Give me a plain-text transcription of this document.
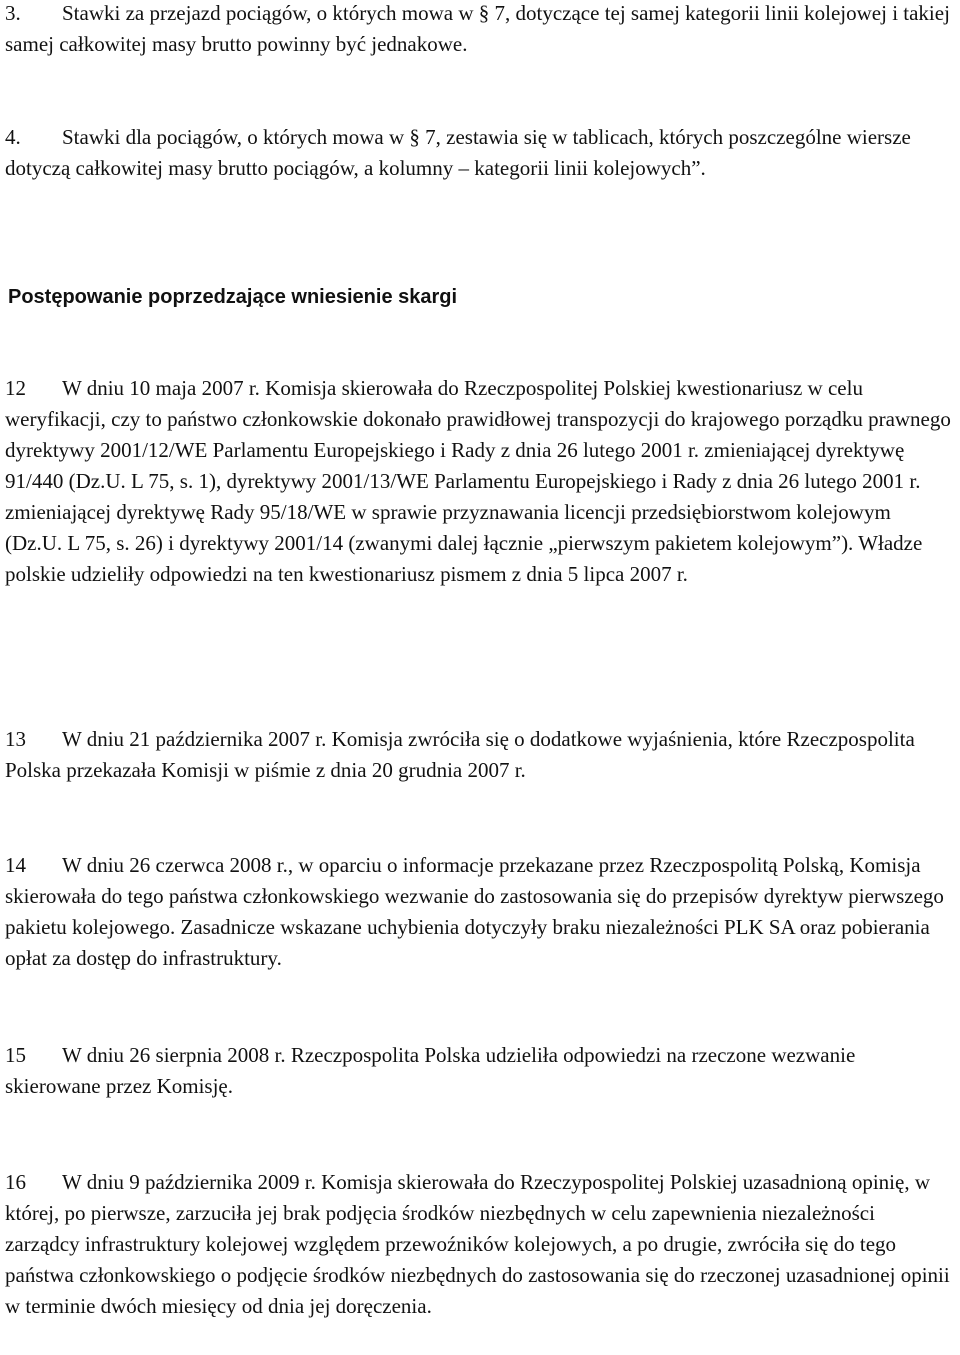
3. Stawki za przejazd pociągów, o których mowa w § 7, dotyczące tej samej kategorii linii kolejowej i takiej samej całkowitej masy brutto powinny być jednakowe.

4. Stawki dla pociągów, o których mowa w § 7, zestawia się w tablicach, których poszczególne wiersze dotyczą całkowitej masy brutto pociągów, a kolumny – kategorii linii kolejowych”.

Postępowanie poprzedzające wniesienie skargi

12 W dniu 10 maja 2007 r. Komisja skierowała do Rzeczpospolitej Polskiej kwestionariusz w celu weryfikacji, czy to państwo członkowskie dokonało prawidłowej transpozycji do krajowego porządku prawnego dyrektywy 2001/12/WE Parlamentu Europejskiego i Rady z dnia 26 lutego 2001 r. zmieniającej dyrektywę 91/440 (Dz.U. L 75, s. 1), dyrektywy 2001/13/WE Parlamentu Europejskiego i Rady z dnia 26 lutego 2001 r. zmieniającej dyrektywę Rady 95/18/WE w sprawie przyznawania licencji przedsiębiorstwom kolejowym (Dz.U. L 75, s. 26) i dyrektywy 2001/14 (zwanymi dalej łącznie „pierwszym pakietem kolejowym”). Władze polskie udzieliły odpowiedzi na ten kwestionariusz pismem z dnia 5 lipca 2007 r.

13 W dniu 21 października 2007 r. Komisja zwróciła się o dodatkowe wyjaśnienia, które Rzeczpospolita Polska przekazała Komisji w piśmie z dnia 20 grudnia 2007 r.

14 W dniu 26 czerwca 2008 r., w oparciu o informacje przekazane przez Rzeczpospolitą Polską, Komisja skierowała do tego państwa członkowskiego wezwanie do zastosowania się do przepisów dyrektyw pierwszego pakietu kolejowego. Zasadnicze wskazane uchybienia dotyczyły braku niezależności PLK SA oraz pobierania opłat za dostęp do infrastruktury.

15 W dniu 26 sierpnia 2008 r. Rzeczpospolita Polska udzieliła odpowiedzi na rzeczone wezwanie skierowane przez Komisję.

16 W dniu 9 października 2009 r. Komisja skierowała do Rzeczypospolitej Polskiej uzasadnioną opinię, w której, po pierwsze, zarzuciła jej brak podjęcia środków niezbędnych w celu zapewnienia niezależności zarządcy infrastruktury kolejowej względem przewoźników kolejowych, a po drugie, zwróciła się do tego państwa członkowskiego o podjęcie środków niezbędnych do zastosowania się do rzeczonej uzasadnionej opinii w terminie dwóch miesięcy od dnia jej doręczenia.
